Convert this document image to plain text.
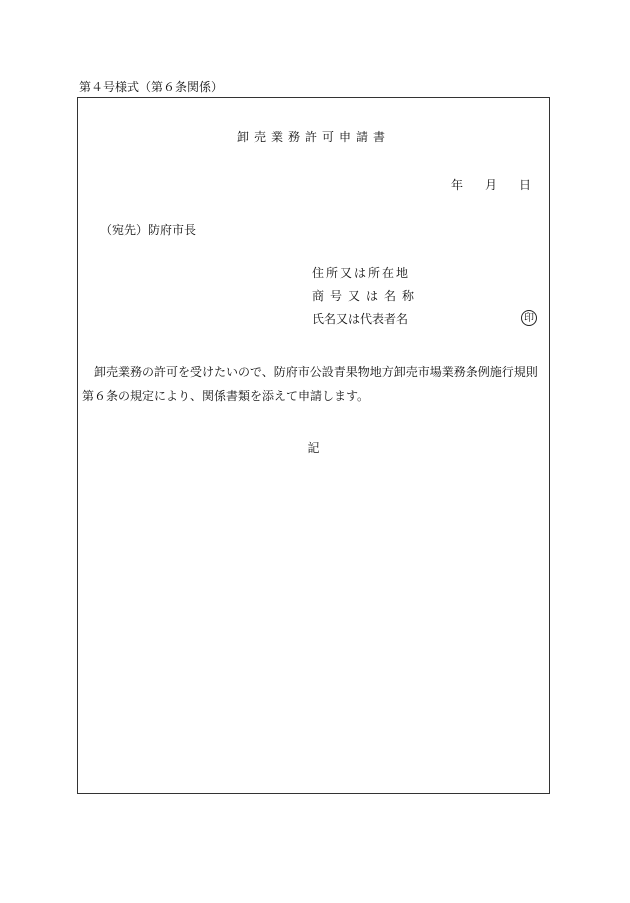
第４号様式（第６条関係）
卸売業務許可申請書
年 月 日
（宛先）防府市長
住所又は所在地
商号又は名称
氏名又は代表者名	印

卸売業務の許可を受けたいので、防府市公設青果物地方卸売市場業務条例施行規則

第６条の規定により、関係書類を添えて申請します。

記
